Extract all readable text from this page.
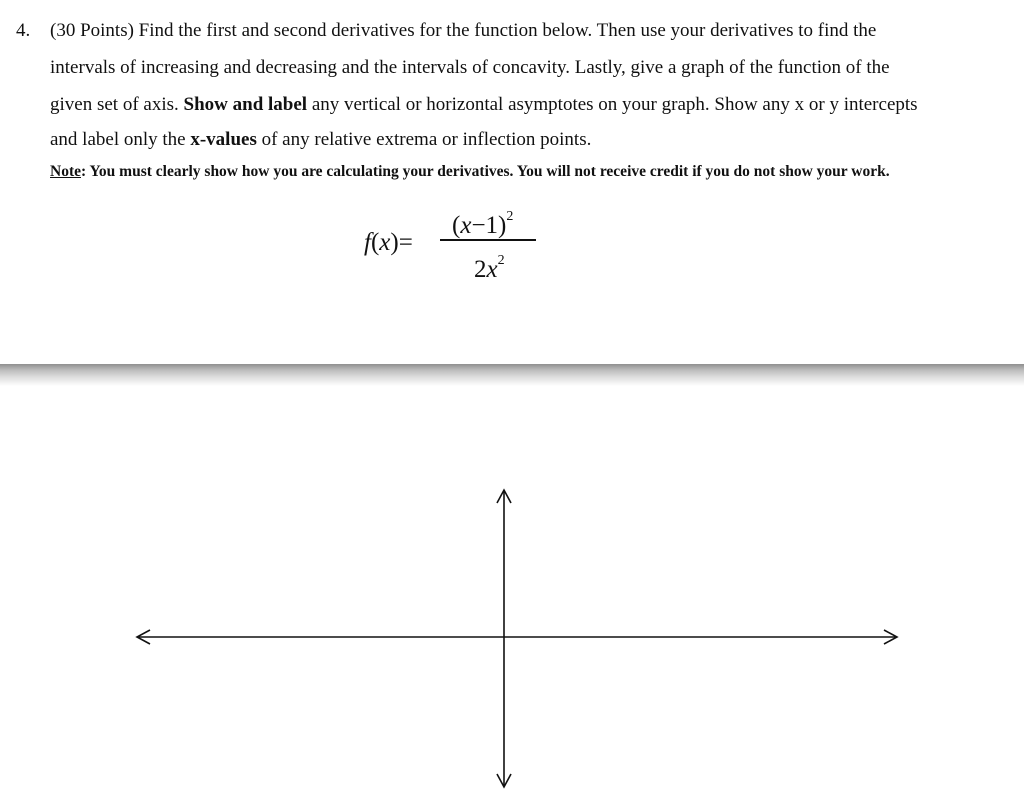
4. (30 Points) Find the first and second derivatives for the function below. Then use your derivatives to find the
intervals of increasing and decreasing and the intervals of concavity. Lastly, give a graph of the function of the
given set of axis. Show and label any vertical or horizontal asymptotes on your graph. Show any x or y intercepts
and label only the x-values of any relative extrema or inflection points.
Note: You must clearly show how you are calculating your derivatives. You will not receive credit if you do not show your work.
f(x)=
$(x-1)^2$
$2x^2$
